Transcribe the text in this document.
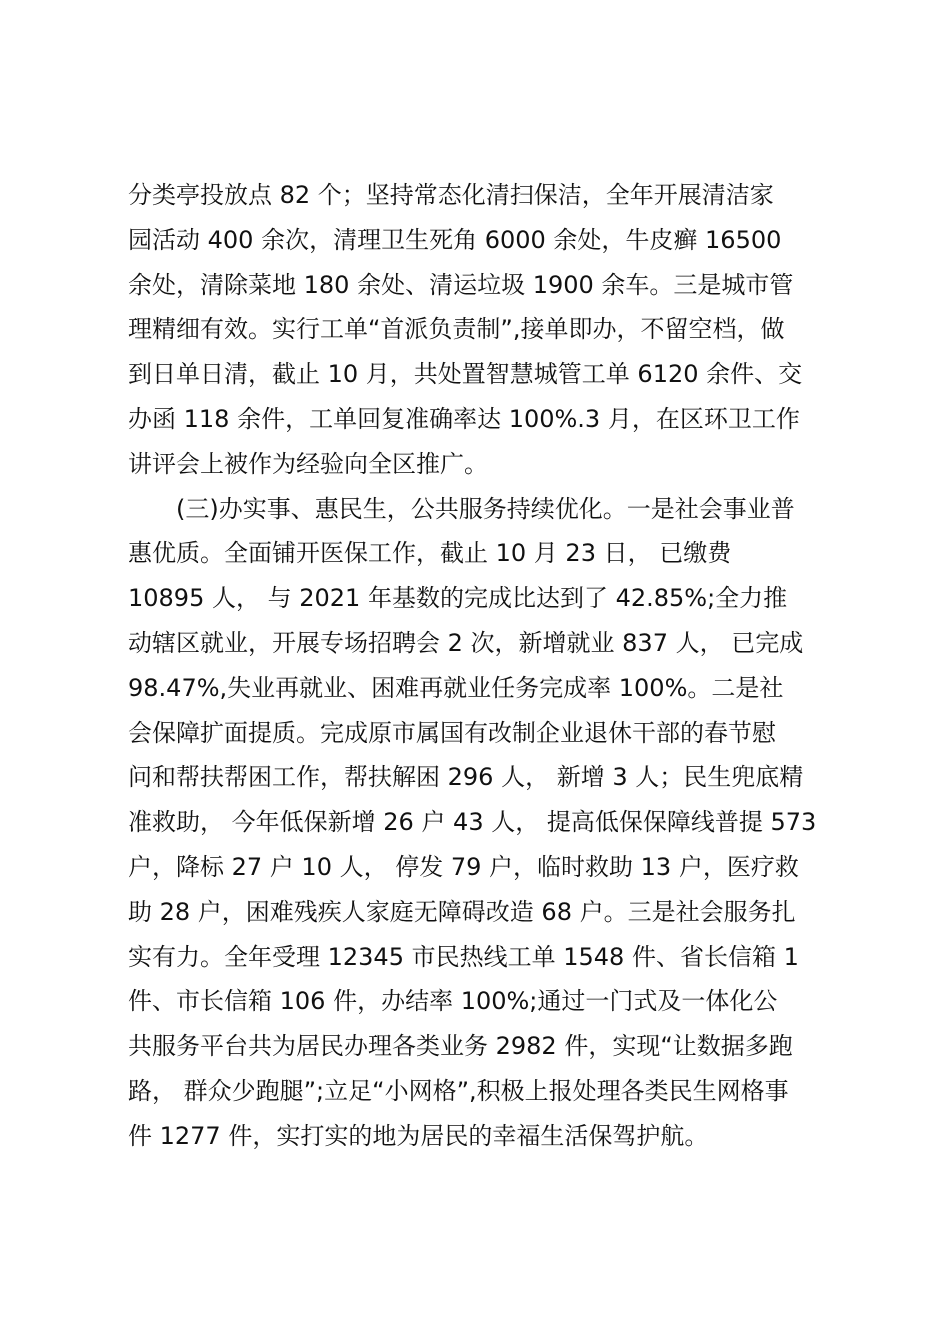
分类亭投放点 82 个；坚持常态化清扫保洁，全年开展清洁家
园活动 400 余次，清理卫生死角 6000 余处，牛皮癣 16500
余处，清除菜地 180 余处、清运垃圾 1900 余车。三是城市管
理精细有效。实行工单“首派负责制”,接单即办，不留空档，做
到日单日清，截止 10 月，共处置智慧城管工单 6120 余件、交
办函 118 余件，工单回复准确率达 100%.3 月，在区环卫工作
讲评会上被作为经验向全区推广。
(三)办实事、惠民生，公共服务持续优化。一是社会事业普
惠优质。全面铺开医保工作，截止 10 月 23 日， 已缴费
10895 人， 与 2021 年基数的完成比达到了 42.85%;全力推
动辖区就业，开展专场招聘会 2 次，新增就业 837 人， 已完成
98.47%,失业再就业、困难再就业任务完成率 100%。二是社
会保障扩面提质。完成原市属国有改制企业退休干部的春节慰
问和帮扶帮困工作，帮扶解困 296 人， 新增 3 人；民生兜底精
准救助， 今年低保新增 26 户 43 人， 提高低保保障线普提 573
户，降标 27 户 10 人， 停发 79 户，临时救助 13 户，医疗救
助 28 户，困难残疾人家庭无障碍改造 68 户。三是社会服务扎
实有力。全年受理 12345 市民热线工单 1548 件、省长信箱 1
件、市长信箱 106 件，办结率 100%;通过一门式及一体化公
共服务平台共为居民办理各类业务 2982 件，实现“让数据多跑
路， 群众少跑腿”;立足“小网格”,积极上报处理各类民生网格事
件 1277 件，实打实的地为居民的幸福生活保驾护航。
